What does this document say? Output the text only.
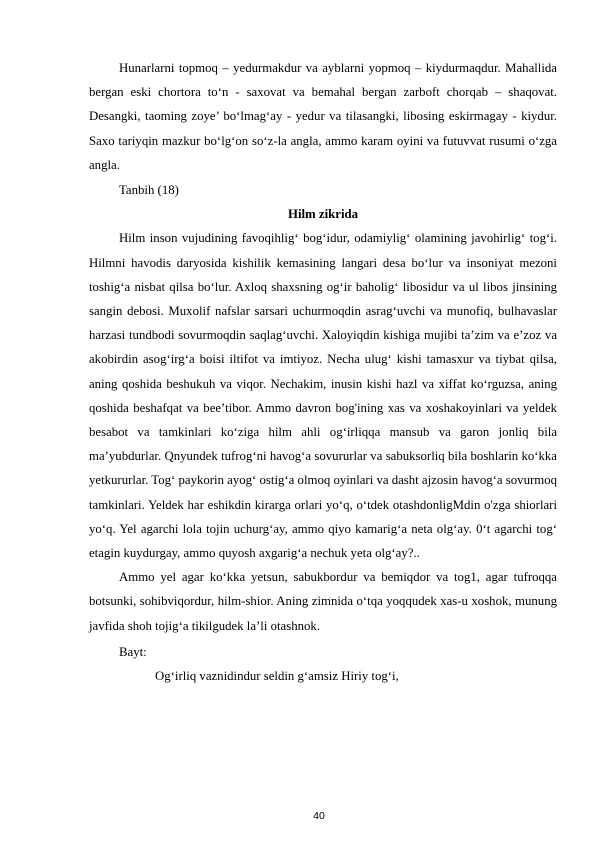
Hunarlarni topmoq – yedurmakdur va ayblarni yopmoq – kiydurmaqdur. Mahallida bergan eski chortora to‘n - saxovat va bemahal bergan zarboft chorqab – shaqovat. Desangki, taoming zoye’ bo‘lmag‘ay - yedur va tilasangki, libosing eskirmagay - kiydur. Saxo tariyqin mazkur bo‘lg‘on so‘z-la angla, ammo karam oyini va futuvvat rusumi o‘zga angla.

Tanbih (18)

Hilm zikrida

Hilm inson vujudining favoqihlig‘ bog‘idur, odamiylig‘ olamining javohirlig‘ tog‘i. Hilmni havodis daryosida kishilik kemasining langari desa bo‘lur va insoniyat mezoni toshig‘a nisbat qilsa bo‘lur. Axloq shaxsning og‘ir baholig‘ libosidur va ul libos jinsining sangin debosi. Muxolif nafslar sarsari uchurmoqdin asrag‘uvchi va munofiq, bulhavaslar harzasi tundbodi sovurmoqdin saqlag‘uvchi. Xaloyiqdin kishiga mujibi ta’zim va e’zoz va akobirdin asog‘irg‘a boisi iltifot va imtiyoz. Necha ulug‘ kishi tamasxur va tiybat qilsa, aning qoshida beshukuh va viqor. Nechakim, inusin kishi hazl va xiffat ko‘rguzsa, aning qoshida beshafqat va bee’tibor. Ammo davron bog'ining xas va xoshakoyinlari va yeldek besabot va tamkinlari ko‘ziga hilm ahli og‘irliqqa mansub va garon jonliq bila ma’yubdurlar. Qnyundek tufrog‘ni havog‘a sovururlar va sabuksorliq bila boshlarin ko‘kka yetkururlar. Tog‘ paykorin ayog‘ ostig‘a olmoq oyinlari va dasht ajzosin havog‘a sovurmoq tamkinlari. Yeldek har eshikdin kirarga orlari yo‘q, o‘tdek otashdonligMdin o'zga shiorlari yo‘q. Yel agarchi lola tojin uchurg‘ay, ammo qiyo kamarig‘a neta olg‘ay. 0‘t agarchi tog‘ etagin kuydurgay, ammo quyosh axgarig‘a nechuk yeta olg‘ay?..

Ammo yel agar ko‘kka yetsun, sabukbordur va bemiqdor va tog1, agar tufroqqa botsunki, sohibviqordur, hilm-shior. Aning zimnida o‘tqa yoqqudek xas-u xoshok, munung javfida shoh tojig‘a tikilgudek la’li otashnok.

Bayt:

Og‘irliq vaznidindur seldin g‘amsiz Hiriy tog‘i,

40
